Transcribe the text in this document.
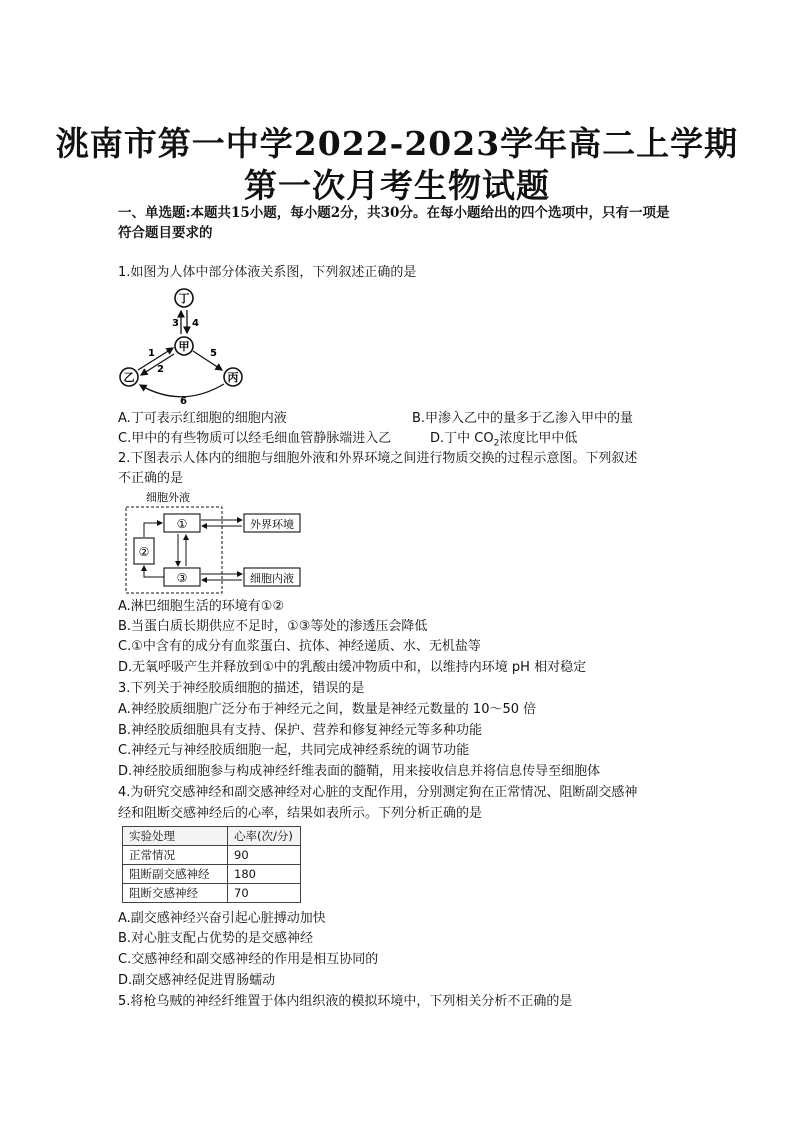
洮南市第一中学2022-2023学年高二上学期
第一次月考生物试题
一、单选题:本题共15小题，每小题2分，共30分。在每小题给出的四个选项中，只有一项是符合题目要求的
1.如图为人体中部分体液关系图，下列叙述正确的是
丁
甲
乙	丙
3 4
1
2
5
6
A.丁可表示红细胞的细胞内液	B.甲渗入乙中的量多于乙渗入甲中的量
C.甲中的有些物质可以经毛细血管静脉端进入乙	D.丁中 $CO_2$浓度比甲中低
2.下图表示人体内的细胞与细胞外液和外界环境之间进行物质交换的过程示意图。下列叙述
不正确的是
细胞外液
①
②
③
外界环境
细胞内液
A.淋巴细胞生活的环境有①②
B.当蛋白质长期供应不足时，①③等处的渗透压会降低
C.①中含有的成分有血浆蛋白、抗体、神经递质、水、无机盐等
D.无氧呼吸产生并释放到①中的乳酸由缓冲物质中和，以维持内环境 pH 相对稳定
3.下列关于神经胶质细胞的描述，错误的是
A.神经胶质细胞广泛分布于神经元之间，数量是神经元数量的 10～50 倍
B.神经胶质细胞具有支持、保护、营养和修复神经元等多种功能
C.神经元与神经胶质细胞一起，共同完成神经系统的调节功能
D.神经胶质细胞参与构成神经纤维表面的髓鞘，用来接收信息并将信息传导至细胞体
4.为研究交感神经和副交感神经对心脏的支配作用，分别测定狗在正常情况、阻断副交感神
经和阻断交感神经后的心率，结果如表所示。下列分析正确的是
实验处理	心率(次/分)
正常情况	90
阻断副交感神经	180
阻断交感神经	70
A.副交感神经兴奋引起心脏搏动加快
B.对心脏支配占优势的是交感神经
C.交感神经和副交感神经的作用是相互协同的
D.副交感神经促进胃肠蠕动
5.将枪乌贼的神经纤维置于体内组织液的模拟环境中，下列相关分析不正确的是
